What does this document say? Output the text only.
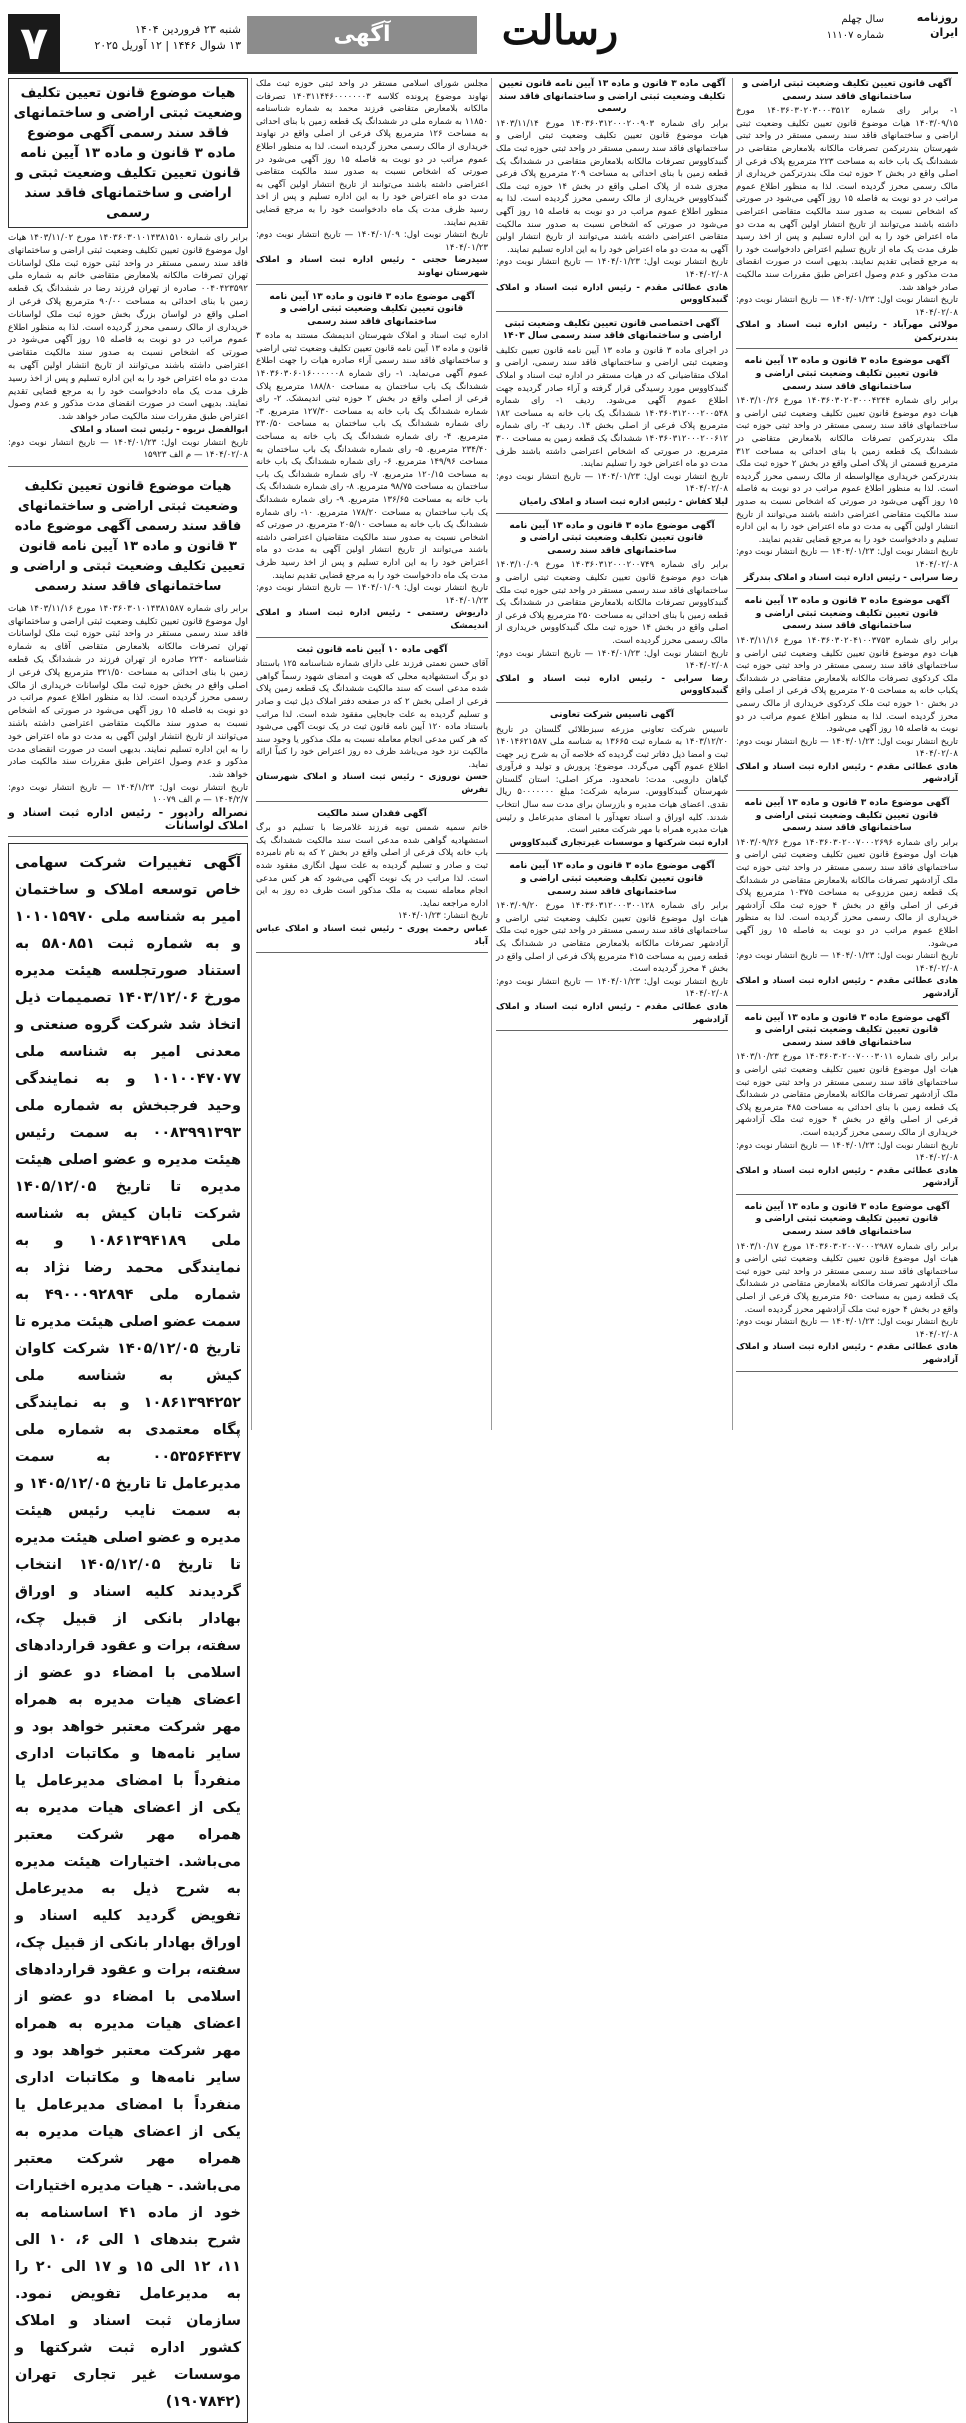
۷	شنبه ۲۳ فروردین ۱۴۰۴
۱۳ شوال ۱۴۴۶ | ۱۲ آوریل ۲۰۲۵	آگهی	رسالت	سال چهلم
شماره ۱۱۱۰۷
روزنامه ایران
آگهی قانون تعیین تکلیف وضعیت ثبتی اراضی و ساختمانهای فاقد سند رسمی

۱- برابر رای شماره ۱۴۰۳۶۰۳۰۲۰۳۰۰۰۳۵۱۲ مورخ ۱۴۰۳/۰۹/۱۵ هیات موضوع قانون تعیین تکلیف وضعیت ثبتی اراضی و ساختمانهای فاقد سند رسمی مستقر در واحد ثبتی شهرستان بندرترکمن تصرفات مالکانه بلامعارض متقاضی در ششدانگ یک باب خانه به مساحت ۲۲۳ مترمربع پلاک فرعی از اصلی واقع در بخش ۲ حوزه ثبت ملک بندرترکمن خریداری از مالک رسمی محرز گردیده است. لذا به منظور اطلاع عموم مراتب در دو نوبت به فاصله ۱۵ روز آگهی می‌شود در صورتی که اشخاص نسبت به صدور سند مالکیت متقاضی اعتراضی داشته باشند می‌توانند از تاریخ انتشار اولین آگهی به مدت دو ماه اعتراض خود را به این اداره تسلیم و پس از اخذ رسید ظرف مدت یک ماه از تاریخ تسلیم اعتراض دادخواست خود را به مرجع قضایی تقدیم نمایند. بدیهی است در صورت انقضای مدت مذکور و عدم وصول اعتراض طبق مقررات سند مالکیت صادر خواهد شد.

تاریخ انتشار نوبت اول: ۱۴۰۴/۰۱/۲۳ — تاریخ انتشار نوبت دوم: ۱۴۰۴/۰۲/۰۸

مولائی مهرآباد - رئیس اداره ثبت اسناد و املاک بندرترکمن

آگهی موضوع ماده ۳ قانون و ماده ۱۳ آیین نامه قانون تعیین تکلیف وضعیت ثبتی اراضی و ساختمانهای فاقد سند رسمی

برابر رای شماره ۱۴۰۳۶۰۳۰۲۰۳۰۰۰۴۲۴۴ مورخ ۱۴۰۳/۱۰/۲۶ هیات دوم موضوع قانون تعیین تکلیف وضعیت ثبتی اراضی و ساختمانهای فاقد سند رسمی مستقر در واحد ثبتی حوزه ثبت ملک بندرترکمن تصرفات مالکانه بلامعارض متقاضی در ششدانگ یک قطعه زمین با بنای احداثی به مساحت ۳۱۲ مترمربع قسمتی از پلاک اصلی واقع در بخش ۲ حوزه ثبت ملک بندرترکمن خریداری مع‌الواسطه از مالک رسمی محرز گردیده است. لذا به منظور اطلاع عموم مراتب در دو نوبت به فاصله ۱۵ روز آگهی می‌شود در صورتی که اشخاص نسبت به صدور سند مالکیت متقاضی اعتراضی داشته باشند می‌توانند از تاریخ انتشار اولین آگهی به مدت دو ماه اعتراض خود را به این اداره تسلیم و دادخواست خود را به مرجع قضایی تقدیم نمایند.

تاریخ انتشار نوبت اول: ۱۴۰۴/۰۱/۲۳ — تاریخ انتشار نوبت دوم: ۱۴۰۴/۰۲/۰۸

رضا سرابی - رئیس اداره ثبت اسناد و املاک بندرگز

آگهی موضوع ماده ۳ قانون و ماده ۱۳ آیین نامه قانون تعیین تکلیف وضعیت ثبتی اراضی و ساختمانهای فاقد سند رسمی

برابر رای شماره ۱۴۰۳۶۰۳۰۲۰۴۱۰۰۳۷۵۳ مورخ ۱۴۰۳/۱۱/۱۶ هیات دوم موضوع قانون تعیین تکلیف وضعیت ثبتی اراضی و ساختمانهای فاقد سند رسمی مستقر در واحد ثبتی حوزه ثبت ملک کردکوی تصرفات مالکانه بلامعارض متقاضی در ششدانگ یکباب خانه به مساحت ۲۰۵ مترمربع پلاک فرعی از اصلی واقع در بخش ۱۰ حوزه ثبت ملک کردکوی خریداری از مالک رسمی محرز گردیده است. لذا به منظور اطلاع عموم مراتب در دو نوبت به فاصله ۱۵ روز آگهی می‌شود.

تاریخ انتشار نوبت اول: ۱۴۰۴/۰۱/۲۳ — تاریخ انتشار نوبت دوم: ۱۴۰۴/۰۲/۰۸

هادی عطائی مقدم - رئیس اداره ثبت اسناد و املاک آزادشهر

آگهی موضوع ماده ۳ قانون و ماده ۱۳ آیین نامه قانون تعیین تکلیف وضعیت ثبتی اراضی و ساختمانهای فاقد سند رسمی

برابر رای شماره ۱۴۰۳۶۰۳۰۲۰۰۷۰۰۰۲۶۹۶ مورخ ۱۴۰۳/۰۹/۲۶ هیات اول موضوع قانون تعیین تکلیف وضعیت ثبتی اراضی و ساختمانهای فاقد سند رسمی مستقر در واحد ثبتی حوزه ثبت ملک آزادشهر تصرفات مالکانه بلامعارض متقاضی در ششدانگ یک قطعه زمین مزروعی به مساحت ۱۰۳۷۵ مترمربع پلاک فرعی از اصلی واقع در بخش ۴ حوزه ثبت ملک آزادشهر خریداری از مالک رسمی محرز گردیده است. لذا به منظور اطلاع عموم مراتب در دو نوبت به فاصله ۱۵ روز آگهی می‌شود.

تاریخ انتشار نوبت اول: ۱۴۰۴/۰۱/۲۳ — تاریخ انتشار نوبت دوم: ۱۴۰۴/۰۲/۰۸

هادی عطائی مقدم - رئیس اداره ثبت اسناد و املاک آزادشهر

آگهی موضوع ماده ۳ قانون و ماده ۱۳ آیین نامه قانون تعیین تکلیف وضعیت ثبتی اراضی و ساختمانهای فاقد سند رسمی

برابر رای شماره ۱۴۰۳۶۰۳۰۲۰۰۷۰۰۰۳۰۱۱ مورخ ۱۴۰۳/۱۰/۲۳ هیات اول موضوع قانون تعیین تکلیف وضعیت ثبتی اراضی و ساختمانهای فاقد سند رسمی مستقر در واحد ثبتی حوزه ثبت ملک آزادشهر تصرفات مالکانه بلامعارض متقاضی در ششدانگ یک قطعه زمین با بنای احداثی به مساحت ۴۸۵ مترمربع پلاک فرعی از اصلی واقع در بخش ۴ حوزه ثبت ملک آزادشهر خریداری از مالک رسمی محرز گردیده است.

تاریخ انتشار نوبت اول: ۱۴۰۴/۰۱/۲۳ — تاریخ انتشار نوبت دوم: ۱۴۰۴/۰۲/۰۸

هادی عطائی مقدم - رئیس اداره ثبت اسناد و املاک آزادشهر

آگهی موضوع ماده ۳ قانون و ماده ۱۳ آیین نامه قانون تعیین تکلیف وضعیت ثبتی اراضی و ساختمانهای فاقد سند رسمی

برابر رای شماره ۱۴۰۳۶۰۳۰۲۰۰۷۰۰۰۲۹۸۷ مورخ ۱۴۰۳/۱۰/۱۷ هیات اول موضوع قانون تعیین تکلیف وضعیت ثبتی اراضی و ساختمانهای فاقد سند رسمی مستقر در واحد ثبتی حوزه ثبت ملک آزادشهر تصرفات مالکانه بلامعارض متقاضی در ششدانگ یک قطعه زمین به مساحت ۶۵۰ مترمربع پلاک فرعی از اصلی واقع در بخش ۴ حوزه ثبت ملک آزادشهر محرز گردیده است.

تاریخ انتشار نوبت اول: ۱۴۰۴/۰۱/۲۳ — تاریخ انتشار نوبت دوم: ۱۴۰۴/۰۲/۰۸

هادی عطائی مقدم - رئیس اداره ثبت اسناد و املاک آزادشهر

آگهی ماده ۳ قانون و ماده ۱۳ آیین نامه قانون تعیین تکلیف وضعیت ثبتی اراضی و ساختمانهای فاقد سند رسمی

برابر رای شماره ۱۴۰۳۶۰۳۱۲۰۰۰۲۰۰۹۰۳ مورخ ۱۴۰۳/۱۱/۱۴ هیات موضوع قانون تعیین تکلیف وضعیت ثبتی اراضی و ساختمانهای فاقد سند رسمی مستقر در واحد ثبتی حوزه ثبت ملک گنبدکاووس تصرفات مالکانه بلامعارض متقاضی در ششدانگ یک قطعه زمین با بنای احداثی به مساحت ۲۰۹ مترمربع پلاک فرعی مجزی شده از پلاک اصلی واقع در بخش ۱۴ حوزه ثبت ملک گنبدکاووس خریداری از مالک رسمی محرز گردیده است. لذا به منظور اطلاع عموم مراتب در دو نوبت به فاصله ۱۵ روز آگهی می‌شود در صورتی که اشخاص نسبت به صدور سند مالکیت متقاضی اعتراضی داشته باشند می‌توانند از تاریخ انتشار اولین آگهی به مدت دو ماه اعتراض خود را به این اداره تسلیم نمایند.

تاریخ انتشار نوبت اول: ۱۴۰۴/۰۱/۲۳ — تاریخ انتشار نوبت دوم: ۱۴۰۴/۰۲/۰۸

هادی عطائی مقدم - رئیس اداره ثبت اسناد و املاک گنبدکاووس

آگهی اختصاصی قانون تعیین تکلیف وضعیت ثبتی اراضی و ساختمانهای فاقد سند رسمی سال ۱۴۰۳

در اجرای ماده ۳ قانون و ماده ۱۳ آیین نامه قانون تعیین تکلیف وضعیت ثبتی اراضی و ساختمانهای فاقد سند رسمی، اراضی و املاک متقاضیانی که در هیات مستقر در اداره ثبت اسناد و املاک گنبدکاووس مورد رسیدگی قرار گرفته و آراء صادر گردیده جهت اطلاع عموم آگهی می‌شود. ردیف ۱- رای شماره ۱۴۰۳۶۰۳۱۲۰۰۰۲۰۰۵۴۸ ششدانگ یک باب خانه به مساحت ۱۸۲ مترمربع پلاک فرعی از اصلی بخش ۱۴. ردیف ۲- رای شماره ۱۴۰۳۶۰۳۱۲۰۰۰۲۰۰۶۱۲ ششدانگ یک قطعه زمین به مساحت ۳۰۰ مترمربع. در صورتی که اشخاص اعتراضی داشته باشند ظرف مدت دو ماه اعتراض خود را تسلیم نمایند.

تاریخ انتشار نوبت اول: ۱۴۰۴/۰۱/۲۳ — تاریخ انتشار نوبت دوم: ۱۴۰۴/۰۲/۰۸

لیلا کفاش - رئیس اداره ثبت اسناد و املاک رامیان

آگهی موضوع ماده ۳ قانون و ماده ۱۳ آیین نامه قانون تعیین تکلیف وضعیت ثبتی اراضی و ساختمانهای فاقد سند رسمی

برابر رای شماره ۱۴۰۳۶۰۳۱۲۰۰۰۲۰۰۷۴۹ مورخ ۱۴۰۳/۱۰/۰۹ هیات دوم موضوع قانون تعیین تکلیف وضعیت ثبتی اراضی و ساختمانهای فاقد سند رسمی مستقر در واحد ثبتی حوزه ثبت ملک گنبدکاووس تصرفات مالکانه بلامعارض متقاضی در ششدانگ یک قطعه زمین با بنای احداثی به مساحت ۲۵۰ مترمربع پلاک فرعی از اصلی واقع در بخش ۱۴ حوزه ثبت ملک گنبدکاووس خریداری از مالک رسمی محرز گردیده است.

تاریخ انتشار نوبت اول: ۱۴۰۴/۰۱/۲۳ — تاریخ انتشار نوبت دوم: ۱۴۰۴/۰۲/۰۸

رضا سرابی - رئیس اداره ثبت اسناد و املاک گنبدکاووس

آگهی تاسیس شرکت تعاونی

تاسیس شرکت تعاونی مزرعه سبزطلائی گلستان در تاریخ ۱۴۰۳/۱۲/۲۰ به شماره ثبت ۱۳۶۶۵ به شناسه ملی ۱۴۰۱۴۶۲۱۵۸۷ ثبت و امضا ذیل دفاتر ثبت گردیده که خلاصه آن به شرح زیر جهت اطلاع عموم آگهی می‌گردد. موضوع: پرورش و تولید و فرآوری گیاهان دارویی. مدت: نامحدود. مرکز اصلی: استان گلستان شهرستان گنبدکاووس. سرمایه شرکت: مبلغ ۵۰۰۰۰۰۰۰ ریال نقدی. اعضای هیات مدیره و بازرسان برای مدت سه سال انتخاب شدند. کلیه اوراق و اسناد تعهدآور با امضای مدیرعامل و رئیس هیات مدیره همراه با مهر شرکت معتبر است.

اداره ثبت شرکتها و موسسات غیرتجاری گنبدکاووس

آگهی موضوع ماده ۳ قانون و ماده ۱۳ آیین نامه قانون تعیین تکلیف وضعیت ثبتی اراضی و ساختمانهای فاقد سند رسمی

برابر رای شماره ۱۴۰۳۶۰۳۱۲۰۰۰۳۰۰۱۲۸ مورخ ۱۴۰۳/۰۹/۲۰ هیات اول موضوع قانون تعیین تکلیف وضعیت ثبتی اراضی و ساختمانهای فاقد سند رسمی مستقر در واحد ثبتی حوزه ثبت ملک آزادشهر تصرفات مالکانه بلامعارض متقاضی در ششدانگ یک قطعه زمین به مساحت ۴۱۵ مترمربع پلاک فرعی از اصلی واقع در بخش ۴ محرز گردیده است.

تاریخ انتشار نوبت اول: ۱۴۰۴/۰۱/۲۳ — تاریخ انتشار نوبت دوم: ۱۴۰۴/۰۲/۰۸

هادی عطائی مقدم - رئیس اداره ثبت اسناد و املاک آزادشهر

مجلس شورای اسلامی مستقر در واحد ثبتی حوزه ثبت ملک نهاوند موضوع پرونده کلاسه ۱۴۰۳۱۱۴۴۶۰۰۰۰۰۰۰۳ تصرفات مالکانه بلامعارض متقاضی فرزند محمد به شماره شناسنامه ۱۱۸۵۰ به شماره ملی در ششدانگ یک قطعه زمین با بنای احداثی به مساحت ۱۲۶ مترمربع پلاک فرعی از اصلی واقع در نهاوند خریداری از مالک رسمی محرز گردیده است. لذا به منظور اطلاع عموم مراتب در دو نوبت به فاصله ۱۵ روز آگهی می‌شود در صورتی که اشخاص نسبت به صدور سند مالکیت متقاضی اعتراضی داشته باشند می‌توانند از تاریخ انتشار اولین آگهی به مدت دو ماه اعتراض خود را به این اداره تسلیم و پس از اخذ رسید ظرف مدت یک ماه دادخواست خود را به مرجع قضایی تقدیم نمایند.

تاریخ انتشار نوبت اول: ۱۴۰۴/۰۱/۰۹ — تاریخ انتشار نوبت دوم: ۱۴۰۴/۰۱/۲۳

سیدرضا حجتی - رئیس اداره ثبت اسناد و املاک شهرستان نهاوند

آگهی موضوع ماده ۳ قانون و ماده ۱۳ آیین نامه قانون تعیین تکلیف وضعیت ثبتی اراضی و ساختمانهای فاقد سند رسمی

اداره ثبت اسناد و املاک شهرستان اندیمشک مستند به ماده ۳ قانون و ماده ۱۳ آیین نامه قانون تعیین تکلیف وضعیت ثبتی اراضی و ساختمانهای فاقد سند رسمی آراء صادره هیات را جهت اطلاع عموم آگهی می‌نماید. ۱- رای شماره ۱۴۰۳۶۰۳۰۶۰۱۶۰۰۰۰۰۰۸ ششدانگ یک باب ساختمان به مساحت ۱۸۸/۸۰ مترمربع پلاک فرعی از اصلی واقع در بخش ۲ حوزه ثبتی اندیمشک. ۲- رای شماره ششدانگ یک باب خانه به مساحت ۱۲۷/۳۰ مترمربع. ۳- رای شماره ششدانگ یک باب ساختمان به مساحت ۲۳۰/۵۰ مترمربع. ۴- رای شماره ششدانگ یک باب خانه به مساحت ۲۳۴/۴۰ مترمربع. ۵- رای شماره ششدانگ یک باب ساختمان به مساحت ۱۴۹/۹۶ مترمربع. ۶- رای شماره ششدانگ یک باب خانه به مساحت ۱۲۰/۱۵ مترمربع. ۷- رای شماره ششدانگ یک باب ساختمان به مساحت ۹۸/۷۵ مترمربع. ۸- رای شماره ششدانگ یک باب خانه به مساحت ۱۳۶/۶۵ مترمربع. ۹- رای شماره ششدانگ یک باب ساختمان به مساحت ۱۷۸/۲۰ مترمربع. ۱۰- رای شماره ششدانگ یک باب خانه به مساحت ۲۰۵/۱۰ مترمربع. در صورتی که اشخاص نسبت به صدور سند مالکیت متقاضیان اعتراضی داشته باشند می‌توانند از تاریخ انتشار اولین آگهی به مدت دو ماه اعتراض خود را به این اداره تسلیم و پس از اخذ رسید ظرف مدت یک ماه دادخواست خود را به مرجع قضایی تقدیم نمایند.

تاریخ انتشار نوبت اول: ۱۴۰۴/۰۱/۰۹ — تاریخ انتشار نوبت دوم: ۱۴۰۴/۰۱/۲۳

داریوش رستمی - رئیس اداره ثبت اسناد و املاک اندیمشک

آگهی ماده ۱۰ آیین نامه قانون ثبت

آقای حسن نعمتی فرزند علی دارای شماره شناسنامه ۱۲۵ باستناد دو برگ استشهادیه محلی که هویت و امضای شهود رسماً گواهی شده مدعی است که سند مالکیت ششدانگ یک قطعه زمین پلاک فرعی از اصلی بخش ۲ که در صفحه دفتر املاک ذیل ثبت و صادر و تسلیم گردیده به علت جابجایی مفقود شده است. لذا مراتب باستناد ماده ۱۲۰ آیین نامه قانون ثبت در یک نوبت آگهی می‌شود که هر کس مدعی انجام معامله نسبت به ملک مذکور یا وجود سند مالکیت نزد خود می‌باشد ظرف ده روز اعتراض خود را کتباً ارائه نماید.

حسن نوروزی - رئیس ثبت اسناد و املاک شهرستان تفرش

آگهی فقدان سند مالکیت

خانم سمیه شمس تویه فرزند غلامرضا با تسلیم دو برگ استشهادیه گواهی شده مدعی است سند مالکیت ششدانگ یک باب خانه پلاک فرعی از اصلی واقع در بخش ۲ که به نام نامبرده ثبت و صادر و تسلیم گردیده به علت سهل انگاری مفقود شده است. لذا مراتب در یک نوبت آگهی می‌شود که هر کس مدعی انجام معامله نسبت به ملک مذکور است ظرف ده روز به این اداره مراجعه نماید.

تاریخ انتشار: ۱۴۰۴/۰۱/۲۳

عباس رحمت پوری - رئیس ثبت اسناد و املاک عباس آباد

هیات موضوع قانون تعیین تکلیف وضعیت ثبتی اراضی و ساختمانهای فاقد سند رسمی آگهی موضوع ماده ۳ قانون و ماده ۱۳ آیین نامه قانون تعیین تکلیف وضعیت ثبتی و اراضی و ساختمانهای فاقد سند رسمی

برابر رای شماره ۱۴۰۳۶۰۳۰۱۰۱۴۳۸۱۵۱۰ مورخ ۱۴۰۳/۱۱/۰۲ هیات اول موضوع قانون تعیین تکلیف وضعیت ثبتی اراضی و ساختمانهای فاقد سند رسمی مستقر در واحد ثبتی حوزه ثبت ملک لواسانات تهران تصرفات مالکانه بلامعارض متقاضی خانم به شماره ملی ۰۰۴۰۴۲۳۵۹۲ صادره از تهران فرزند رضا در ششدانگ یک قطعه زمین با بنای احداثی به مساحت ۹۰/۰۰ مترمربع پلاک فرعی از اصلی واقع در لواسان بزرگ بخش حوزه ثبت ملک لواسانات خریداری از مالک رسمی محرز گردیده است. لذا به منظور اطلاع عموم مراتب در دو نوبت به فاصله ۱۵ روز آگهی می‌شود در صورتی که اشخاص نسبت به صدور سند مالکیت متقاضی اعتراضی داشته باشند می‌توانند از تاریخ انتشار اولین آگهی به مدت دو ماه اعتراض خود را به این اداره تسلیم و پس از اخذ رسید ظرف مدت یک ماه دادخواست خود را به مرجع قضایی تقدیم نمایند. بدیهی است در صورت انقضای مدت مذکور و عدم وصول اعتراض طبق مقررات سند مالکیت صادر خواهد شد.

ابوالفضل نریوه - رئیس ثبت اسناد و املاک

تاریخ انتشار نوبت اول: ۱۴۰۴/۰۱/۲۳ — تاریخ انتشار نوبت دوم: ۱۴۰۴/۰۲/۰۸ — م الف ۱۵۹۲۳

هیات موضوع قانون تعیین تکلیف وضعیت ثبتی اراضی و ساختمانهای فاقد سند رسمی آگهی موضوع ماده ۳ قانون و ماده ۱۳ آیین نامه قانون تعیین تکلیف وضعیت ثبتی و اراضی و ساختمانهای فاقد سند رسمی

برابر رای شماره ۱۴۰۳۶۰۳۰۱۰۱۴۳۸۱۵۸۷ مورخ ۱۴۰۳/۱۱/۱۶ هیات اول موضوع قانون تعیین تکلیف وضعیت ثبتی اراضی و ساختمانهای فاقد سند رسمی مستقر در واحد ثبتی حوزه ثبت ملک لواسانات تهران تصرفات مالکانه بلامعارض متقاضی آقای به شماره شناسنامه ۲۲۴۰ صادره از تهران فرزند در ششدانگ یک قطعه زمین با بنای احداثی به مساحت ۳۲۱/۵۰ مترمربع پلاک فرعی از اصلی واقع در بخش حوزه ثبت ملک لواسانات خریداری از مالک رسمی محرز گردیده است. لذا به منظور اطلاع عموم مراتب در دو نوبت به فاصله ۱۵ روز آگهی می‌شود در صورتی که اشخاص نسبت به صدور سند مالکیت متقاضی اعتراضی داشته باشند می‌توانند از تاریخ انتشار اولین آگهی به مدت دو ماه اعتراض خود را به این اداره تسلیم نمایند. بدیهی است در صورت انقضای مدت مذکور و عدم وصول اعتراض طبق مقررات سند مالکیت صادر خواهد شد.

تاریخ انتشار نوبت اول: ۱۴۰۴/۱/۲۳ — تاریخ انتشار نوبت دوم: ۱۴۰۴/۲/۷ — م الف ۱۰۰۷۹

نصراله رادپور - رئیس اداره ثبت اسناد و املاک لواسانات

آگهی تغییرات شرکت سهامی خاص توسعه املاک و ساختمان امیر به شناسه ملی ۱۰۱۰۱۵۹۷۰ و به شماره ثبت ۵۸۰۸۵۱ به استناد صورتجلسه هیئت مدیره مورخ ۱۴۰۳/۱۲/۰۶ تصمیمات ذیل اتخاذ شد شرکت گروه صنعتی و معدنی امیر به شناسه ملی ۱۰۱۰۰۴۷۰۷۷ و به نمایندگی وحید فرجبخش به شماره ملی ۰۰۸۳۹۹۱۳۹۳ به سمت رئیس هیئت مدیره و عضو اصلی هیئت مدیره تا تاریخ ۱۴۰۵/۱۲/۰۵ شرکت تابان کیش به شناسه ملی ۱۰۸۶۱۳۹۴۱۸۹ و به نمایندگی محمد رضا نژاد به شماره ملی ۴۹۰۰۰۹۲۸۹۴ به سمت عضو اصلی هیئت مدیره تا تاریخ ۱۴۰۵/۱۲/۰۵ شرکت کاوان کیش به شناسه ملی ۱۰۸۶۱۳۹۴۲۵۲ و به نمایندگی پگاه معتمدی به شماره ملی ۰۰۵۳۵۶۴۴۳۷ به سمت مدیرعامل تا تاریخ ۱۴۰۵/۱۲/۰۵ و به سمت نایب رئیس هیئت مدیره و عضو اصلی هیئت مدیره تا تاریخ ۱۴۰۵/۱۲/۰۵ انتخاب گردیدند کلیه اسناد و اوراق بهادار بانکی از قبیل چک، سفته، برات و عقود قراردادهای اسلامی با امضاء دو عضو از اعضای هیات مدیره به همراه مهر شرکت معتبر خواهد بود و سایر نامه‌ها و مکاتبات اداری منفرداً با امضای مدیرعامل یا یکی از اعضای هیات مدیره به همراه مهر شرکت معتبر می‌باشد. اختیارات هیئت مدیره به شرح ذیل به مدیرعامل تفویض گردید کلیه اسناد و اوراق بهادار بانکی از قبیل چک، سفته، برات و عقود قراردادهای اسلامی با امضاء دو عضو از اعضای هیات مدیره به همراه مهر شرکت معتبر خواهد بود و سایر نامه‌ها و مکاتبات اداری منفرداً با امضای مدیرعامل یا یکی از اعضای هیات مدیره به همراه مهر شرکت معتبر می‌باشد. - هیات مدیره اختیارات خود از ماده ۴۱ اساسنامه به شرح بندهای ۱ الی ۶، ۱۰ الی ۱۱، ۱۲ الی ۱۵ و ۱۷ الی ۲۰ را به مدیرعامل تفویض نمود. سازمان ثبت اسناد و املاک کشور اداره ثبت شرکتها و موسسات غیر تجاری تهران (۱۹۰۷۸۴۲)
